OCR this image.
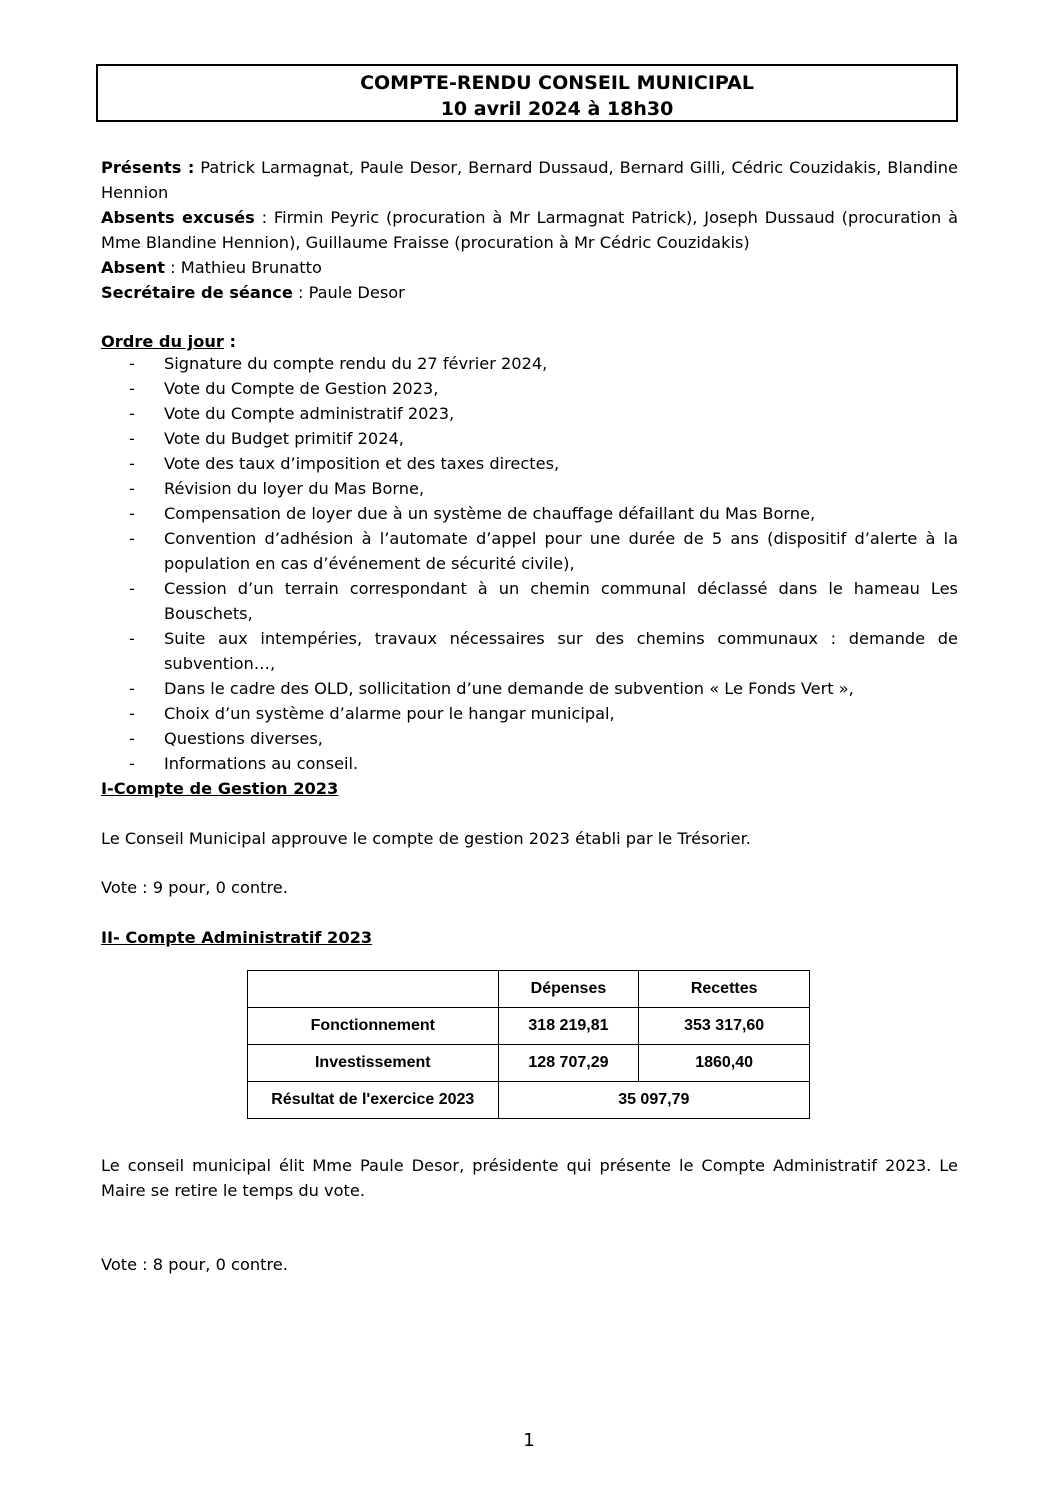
COMPTE-RENDU CONSEIL MUNICIPAL
10 avril 2024 à 18h30
Présents : Patrick Larmagnat, Paule Desor, Bernard Dussaud, Bernard Gilli, Cédric Couzidakis, Blandine Hennion
Absents excusés : Firmin Peyric (procuration à Mr Larmagnat Patrick), Joseph Dussaud (procuration à Mme Blandine Hennion), Guillaume Fraisse (procuration à Mr Cédric Couzidakis)
Absent : Mathieu Brunatto
Secrétaire de séance : Paule Desor
Ordre du jour :
- Signature du compte rendu du 27 février 2024,
- Vote du Compte de Gestion 2023,
- Vote du Compte administratif 2023,
- Vote du Budget primitif 2024,
- Vote des taux d’imposition et des taxes directes,
- Révision du loyer du Mas Borne,
- Compensation de loyer due à un système de chauffage défaillant du Mas Borne,
- Convention d’adhésion à l’automate d’appel pour une durée de 5 ans (dispositif d’alerte à la population en cas d’événement de sécurité civile),
- Cession d’un terrain correspondant à un chemin communal déclassé dans le hameau Les Bouschets,
- Suite aux intempéries, travaux nécessaires sur des chemins communaux : demande de subvention…,
- Dans le cadre des OLD, sollicitation d’une demande de subvention « Le Fonds Vert »,
- Choix d’un système d’alarme pour le hangar municipal,
- Questions diverses,
- Informations au conseil.
I-Compte de Gestion 2023
Le Conseil Municipal approuve le compte de gestion 2023 établi par le Trésorier.
Vote : 9 pour, 0 contre.
II- Compte Administratif 2023
	Dépenses	Recettes
Fonctionnement	318 219,81	353 317,60
Investissement	128 707,29	1860,40
Résultat de l'exercice 2023	35 097,79	
Le conseil municipal élit Mme Paule Desor, présidente qui présente le Compte Administratif 2023. Le Maire se retire le temps du vote.
Vote : 8 pour, 0 contre.
1
